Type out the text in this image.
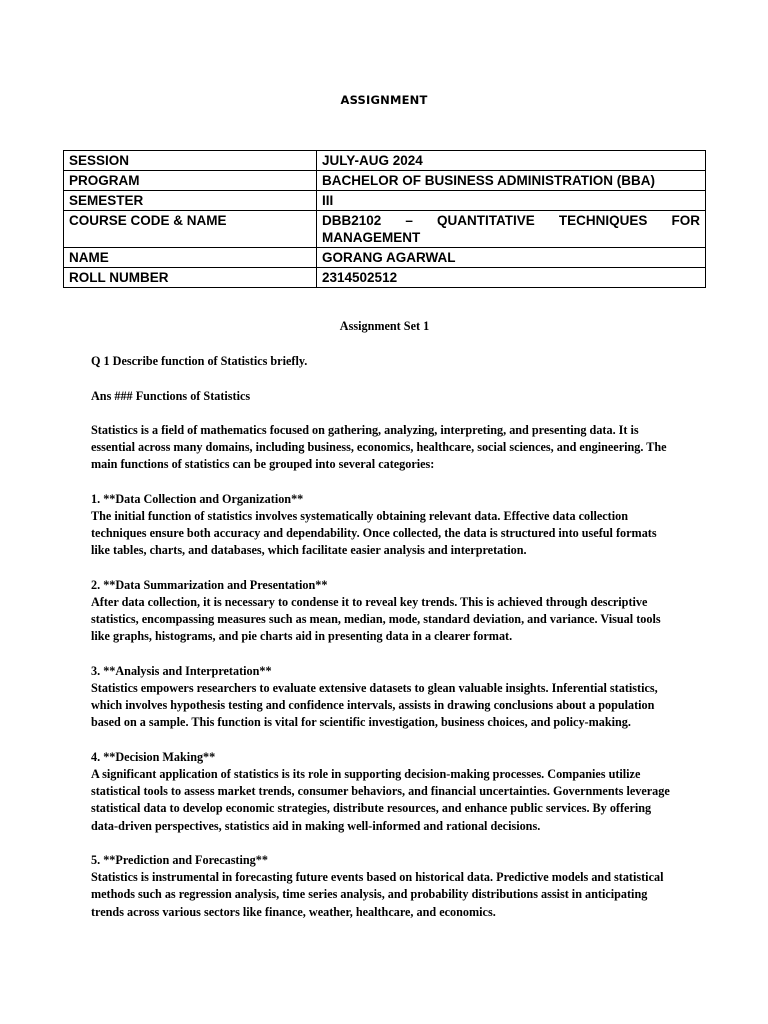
ASSIGNMENT
SESSION	JULY-AUG 2024
PROGRAM	BACHELOR OF BUSINESS ADMINISTRATION (BBA)
SEMESTER	III
COURSE CODE & NAME	DBB2102 – QUANTITATIVE TECHNIQUES FOR MANAGEMENT
NAME	GORANG AGARWAL
ROLL NUMBER	2314502512
Assignment Set 1
Q 1 Describe function of Statistics briefly.
Ans ### Functions of Statistics
Statistics is a field of mathematics focused on gathering, analyzing, interpreting, and presenting data. It is essential across many domains, including business, economics, healthcare, social sciences, and engineering. The main functions of statistics can be grouped into several categories:
1. **Data Collection and Organization**
The initial function of statistics involves systematically obtaining relevant data. Effective data collection techniques ensure both accuracy and dependability. Once collected, the data is structured into useful formats like tables, charts, and databases, which facilitate easier analysis and interpretation.
2. **Data Summarization and Presentation**
After data collection, it is necessary to condense it to reveal key trends. This is achieved through descriptive statistics, encompassing measures such as mean, median, mode, standard deviation, and variance. Visual tools like graphs, histograms, and pie charts aid in presenting data in a clearer format.
3. **Analysis and Interpretation**
Statistics empowers researchers to evaluate extensive datasets to glean valuable insights. Inferential statistics, which involves hypothesis testing and confidence intervals, assists in drawing conclusions about a population based on a sample. This function is vital for scientific investigation, business choices, and policy-making.
4. **Decision Making**
A significant application of statistics is its role in supporting decision-making processes. Companies utilize statistical tools to assess market trends, consumer behaviors, and financial uncertainties. Governments leverage statistical data to develop economic strategies, distribute resources, and enhance public services. By offering data-driven perspectives, statistics aid in making well-informed and rational decisions.
5. **Prediction and Forecasting**
Statistics is instrumental in forecasting future events based on historical data. Predictive models and statistical methods such as regression analysis, time series analysis, and probability distributions assist in anticipating trends across various sectors like finance, weather, healthcare, and economics.
